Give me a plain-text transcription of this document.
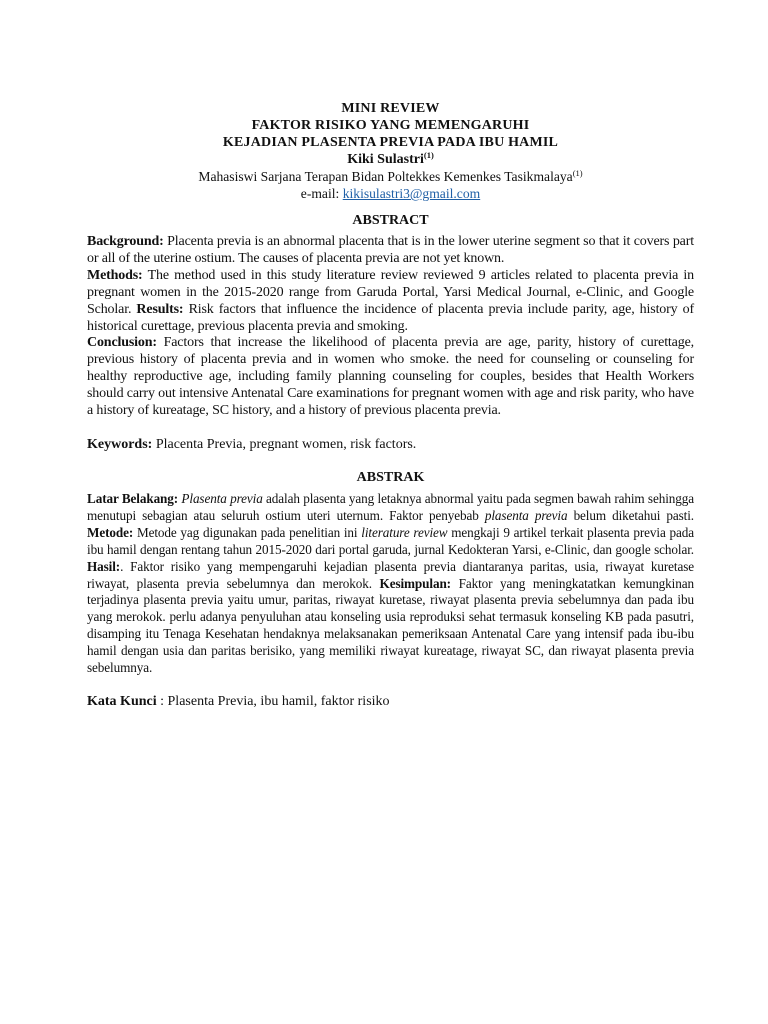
MINI REVIEW
FAKTOR RISIKO YANG MEMENGARUHI
KEJADIAN PLASENTA PREVIA PADA IBU HAMIL
Kiki Sulastri$^{(1)}$
Mahasiswi Sarjana Terapan Bidan Poltekkes Kemenkes Tasikmalaya$^{(1)}$
e-mail: kikisulastri3@gmail.com
ABSTRACT
Background: Placenta previa is an abnormal placenta that is in the lower uterine segment so that it covers part or all of the uterine ostium. The causes of placenta previa are not yet known.
Methods: The method used in this study literature review reviewed 9 articles related to placenta previa in pregnant women in the 2015-2020 range from Garuda Portal, Yarsi Medical Journal, e-Clinic, and Google Scholar. Results: Risk factors that influence the incidence of placenta previa include parity, age, history of historical curettage, previous placenta previa and smoking.
Conclusion: Factors that increase the likelihood of placenta previa are age, parity, history of curettage, previous history of placenta previa and in women who smoke. the need for counseling or counseling for healthy reproductive age, including family planning counseling for couples, besides that Health Workers should carry out intensive Antenatal Care examinations for pregnant women with age and risk parity, who have a history of kureatage, SC history, and a history of previous placenta previa.
Keywords: Placenta Previa, pregnant women, risk factors.
ABSTRAK
Latar Belakang: Plasenta previa adalah plasenta yang letaknya abnormal yaitu pada segmen bawah rahim sehingga menutupi sebagian atau seluruh ostium uteri uternum. Faktor penyebab plasenta previa belum diketahui pasti. Metode: Metode yag digunakan pada penelitian ini literature review mengkaji 9 artikel terkait plasenta previa pada ibu hamil dengan rentang tahun 2015-2020 dari portal garuda, jurnal Kedokteran Yarsi, e-Clinic, dan google scholar. Hasil:. Faktor risiko yang mempengaruhi kejadian plasenta previa diantaranya paritas, usia, riwayat kuretase riwayat, plasenta previa sebelumnya dan merokok. Kesimpulan: Faktor yang meningkatatkan kemungkinan terjadinya plasenta previa yaitu umur, paritas, riwayat kuretase, riwayat plasenta previa sebelumnya dan pada ibu yang merokok. perlu adanya penyuluhan atau konseling usia reproduksi sehat termasuk konseling KB pada pasutri, disamping itu Tenaga Kesehatan hendaknya melaksanakan pemeriksaan Antenatal Care yang intensif pada ibu-ibu hamil dengan usia dan paritas berisiko, yang memiliki riwayat kureatage, riwayat SC, dan riwayat plasenta previa sebelumnya.
Kata Kunci : Plasenta Previa, ibu hamil, faktor risiko
